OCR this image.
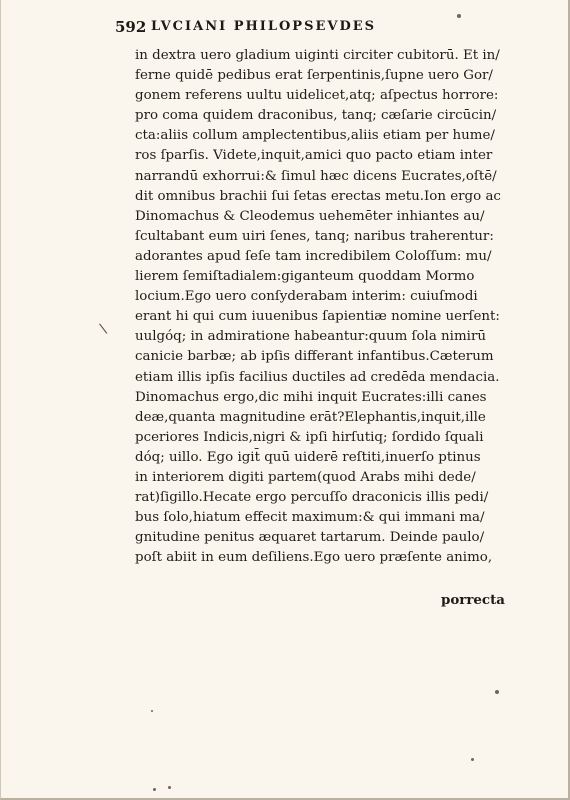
592 LVCIANI PHILOPSEVDES
in dextra uero gladium uiginti circiter cubitorū. Et in/
ferne quidē pedibus erat ſerpentinis,ſupne uero Gor/
gonem referens uultu uidelicet,atq; aſpectus horrore:
pro coma quidem draconibus, tanq; cæſarie circūcin/
cta:aliis collum amplectentibus,aliis etiam per hume/
ros ſparſis. Videte,inquit,amici quo pacto etiam inter
narrandū exhorrui:& ſimul hæc dicens Eucrates,oſtē/
dit omnibus brachii ſui ſetas erectas metu.Ion ergo ac
Dinomachus & Cleodemus uehemēter inhiantes au/
ſcultabant eum uiri ſenes, tanq; naribus traherentur:
adorantes apud ſeſe tam incredibilem Coloſſum: mu/
lierem ſemiſtadialem:giganteum quoddam Mormo
locium.Ego uero conſyderabam interim: cuiuſmodi
erant hi qui cum iuuenibus ſapientiæ nomine uerſent:
uulgóq; in admiratione habeantur:quum ſola nimirū
canicie barbæ; ab ipſis differant infantibus.Cæterum
etiam illis ipſis facilius ductiles ad credēda mendacia.
Dinomachus ergo,dic mihi inquit Eucrates:illi canes
deæ,quanta magnitudine erāt?Elephantis,inquit,ille
pceriores Indicis,nigri & ipſi hirſutiq; ſordido ſquali
dóq; uillo. Ego igit̄ quū uiderē reſtiti,inuerſo ptinus
in interiorem digiti partem(quod Arabs mihi dede/
rat)ſigillo.Hecate ergo percuſſo draconicis illis pedi/
bus ſolo,hiatum effecit maximum:& qui immani ma/
gnitudine penitus æquaret tartarum. Deinde paulo/
poſt abiit in eum deſiliens.Ego uero præſente animo,
porrecta
\
